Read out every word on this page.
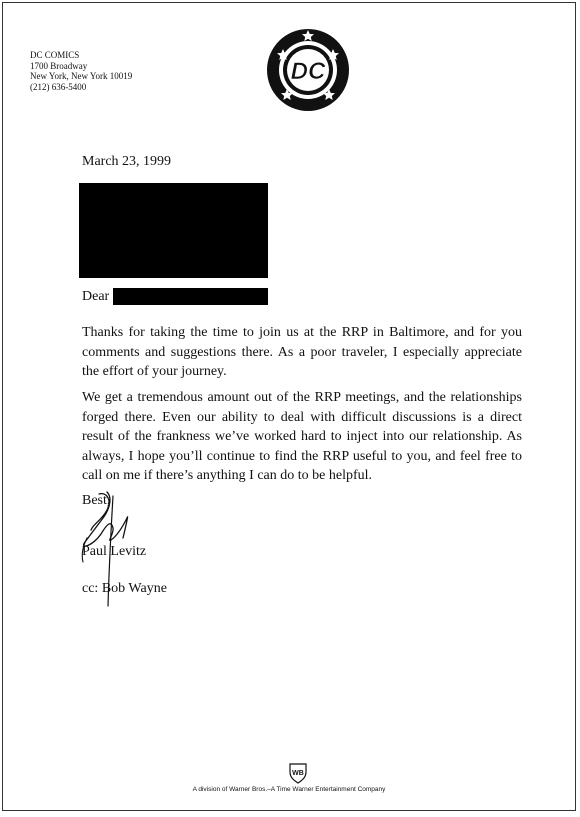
DC COMICS
1700 Broadway
New York, New York 10019
(212) 636-5400
DC
March 23, 1999
Dear
Thanks for taking the time to join us at the RRP in Baltimore, and for you comments and suggestions there. As a poor traveler, I especially appreciate the effort of your journey.
We get a tremendous amount out of the RRP meetings, and the relationships forged there. Even our ability to deal with difficult discussions is a direct result of the frankness we’ve worked hard to inject into our relationship. As always, I hope you’ll continue to find the RRP useful to you, and feel free to call on me if there’s anything I can do to be helpful.
Best,
Paul Levitz
cc: Bob Wayne
WB
A division of Warner Bros.–A Time Warner Entertainment Company
